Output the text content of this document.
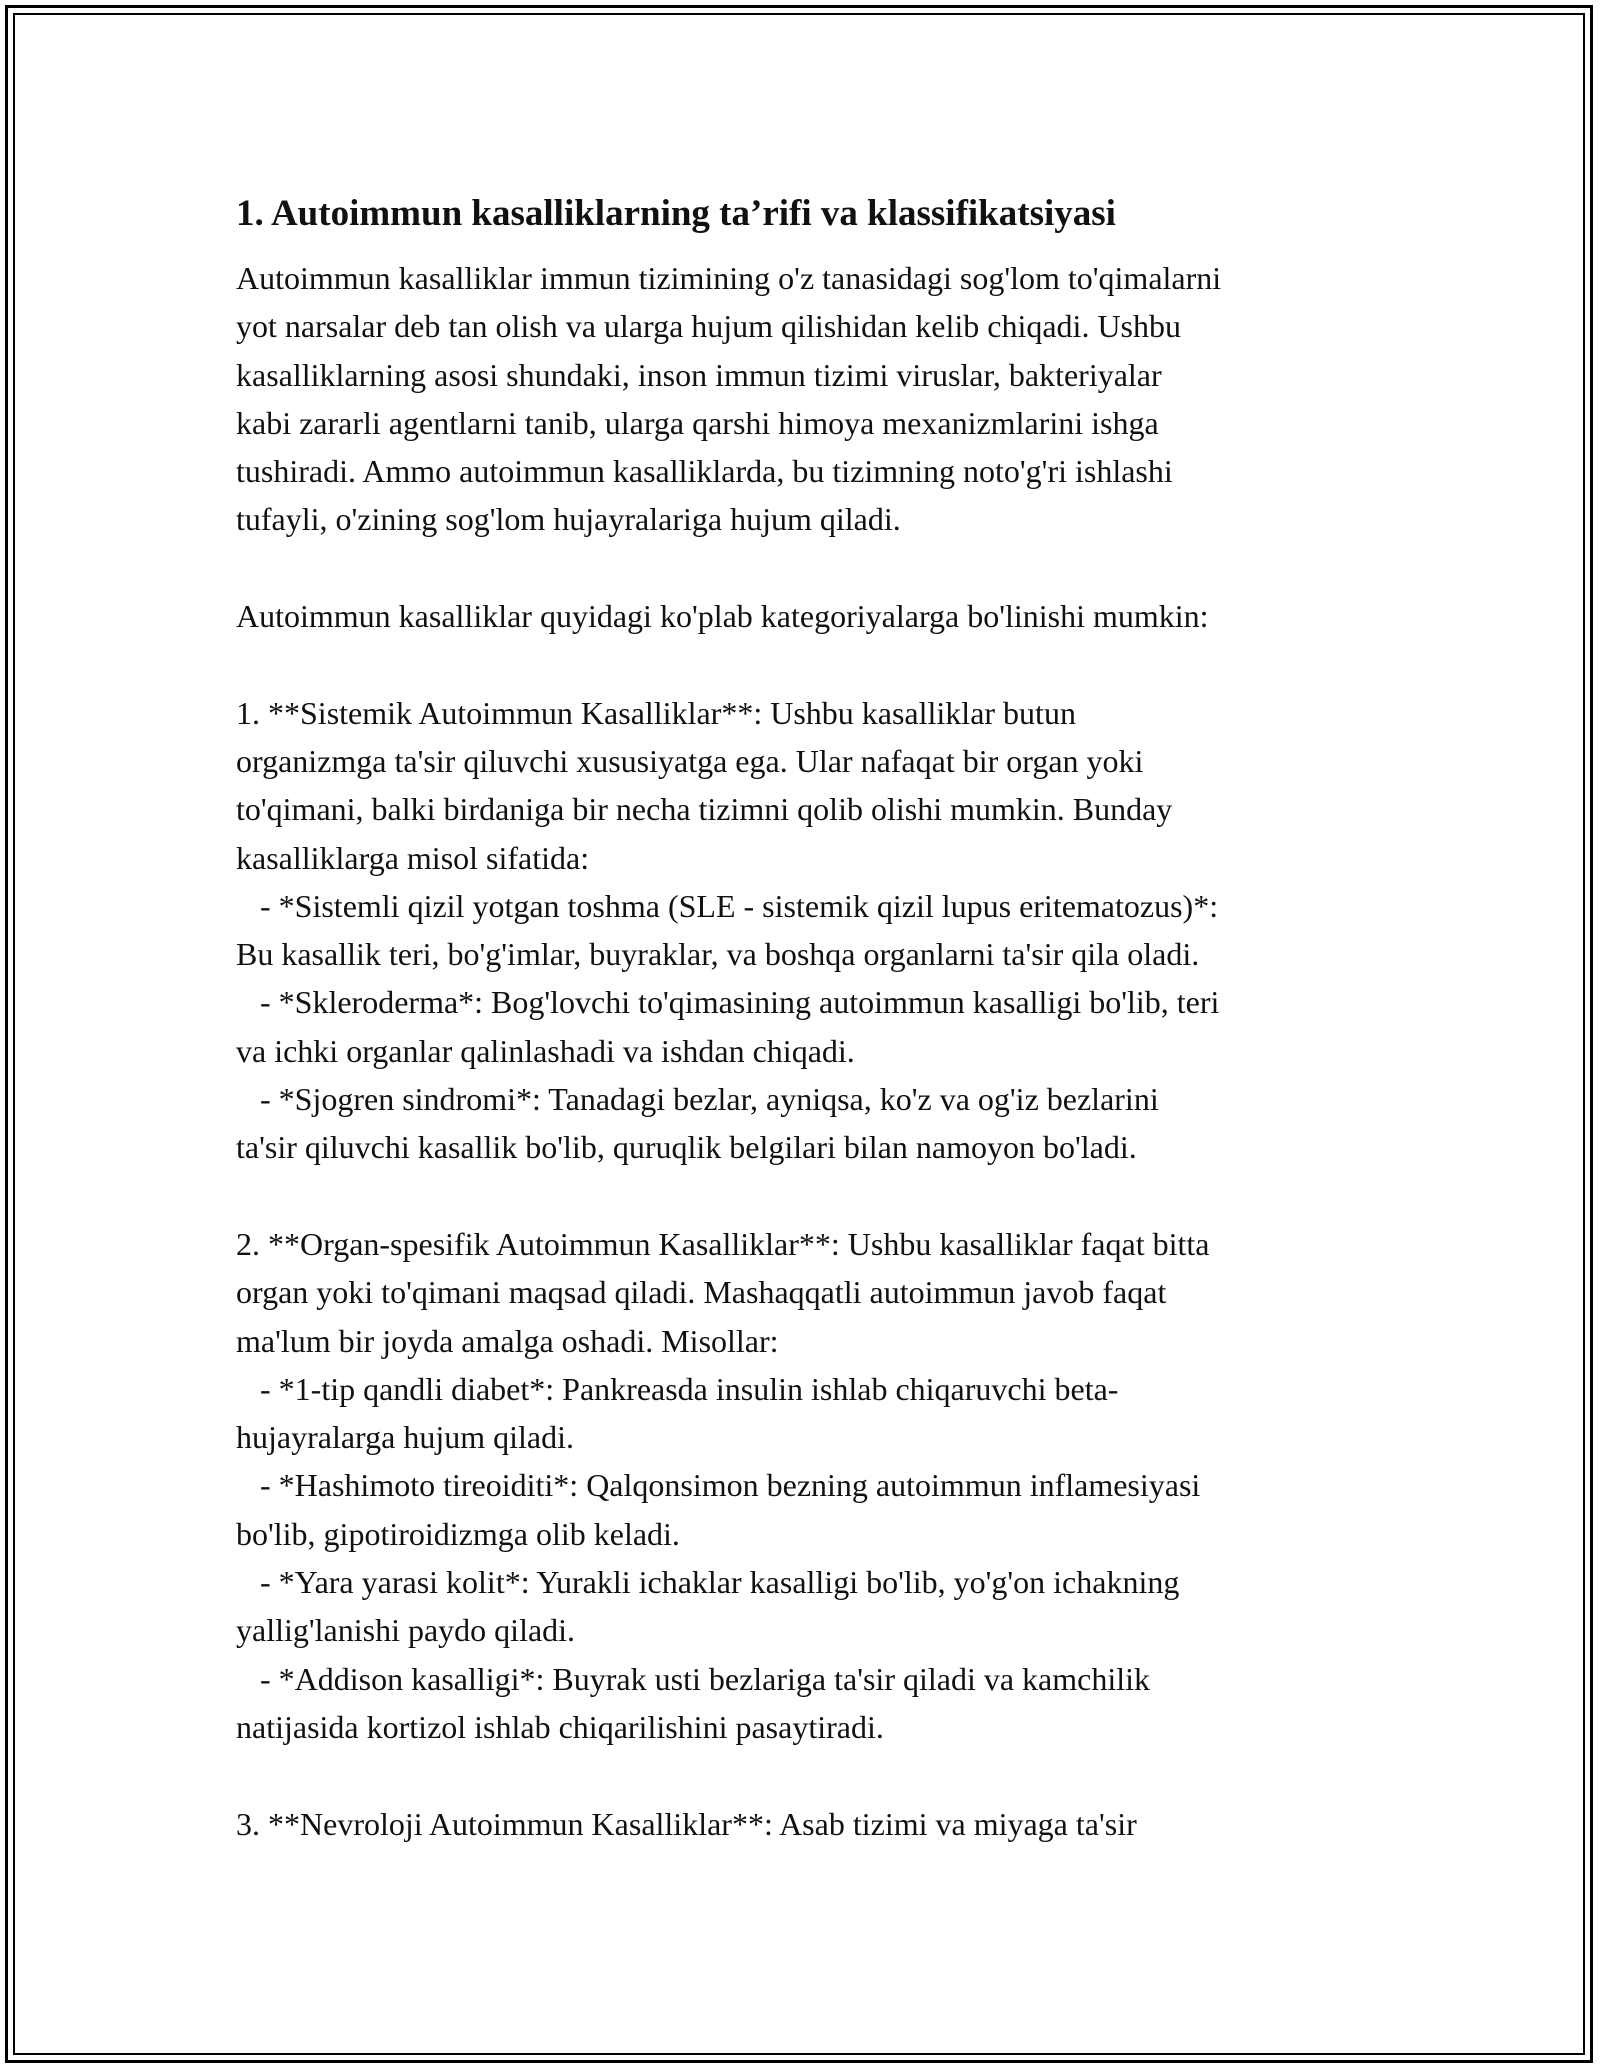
1. Autoimmun kasalliklarning ta’rifi va klassifikatsiyasi
Autoimmun kasalliklar immun tizimining o'z tanasidagi sog'lom to'qimalarni
yot narsalar deb tan olish va ularga hujum qilishidan kelib chiqadi. Ushbu
kasalliklarning asosi shundaki, inson immun tizimi viruslar, bakteriyalar
kabi zararli agentlarni tanib, ularga qarshi himoya mexanizmlarini ishga
tushiradi. Ammo autoimmun kasalliklarda, bu tizimning noto'g'ri ishlashi
tufayli, o'zining sog'lom hujayralariga hujum qiladi.
Autoimmun kasalliklar quyidagi ko'plab kategoriyalarga bo'linishi mumkin:
1. **Sistemik Autoimmun Kasalliklar**: Ushbu kasalliklar butun
organizmga ta'sir qiluvchi xususiyatga ega. Ular nafaqat bir organ yoki
to'qimani, balki birdaniga bir necha tizimni qolib olishi mumkin. Bunday
kasalliklarga misol sifatida:
- *Sistemli qizil yotgan toshma (SLE - sistemik qizil lupus eritematozus)*:
Bu kasallik teri, bo'g'imlar, buyraklar, va boshqa organlarni ta'sir qila oladi.
- *Skleroderma*: Bog'lovchi to'qimasining autoimmun kasalligi bo'lib, teri
va ichki organlar qalinlashadi va ishdan chiqadi.
- *Sjogren sindromi*: Tanadagi bezlar, ayniqsa, ko'z va og'iz bezlarini
ta'sir qiluvchi kasallik bo'lib, quruqlik belgilari bilan namoyon bo'ladi.
2. **Organ-spesifik Autoimmun Kasalliklar**: Ushbu kasalliklar faqat bitta
organ yoki to'qimani maqsad qiladi. Mashaqqatli autoimmun javob faqat
ma'lum bir joyda amalga oshadi. Misollar:
- *1-tip qandli diabet*: Pankreasda insulin ishlab chiqaruvchi beta-
hujayralarga hujum qiladi.
- *Hashimoto tireoiditi*: Qalqonsimon bezning autoimmun inflamesiyasi
bo'lib, gipotiroidizmga olib keladi.
- *Yara yarasi kolit*: Yurakli ichaklar kasalligi bo'lib, yo'g'on ichakning
yallig'lanishi paydo qiladi.
- *Addison kasalligi*: Buyrak usti bezlariga ta'sir qiladi va kamchilik
natijasida kortizol ishlab chiqarilishini pasaytiradi.
3. **Nevroloji Autoimmun Kasalliklar**: Asab tizimi va miyaga ta'sir
